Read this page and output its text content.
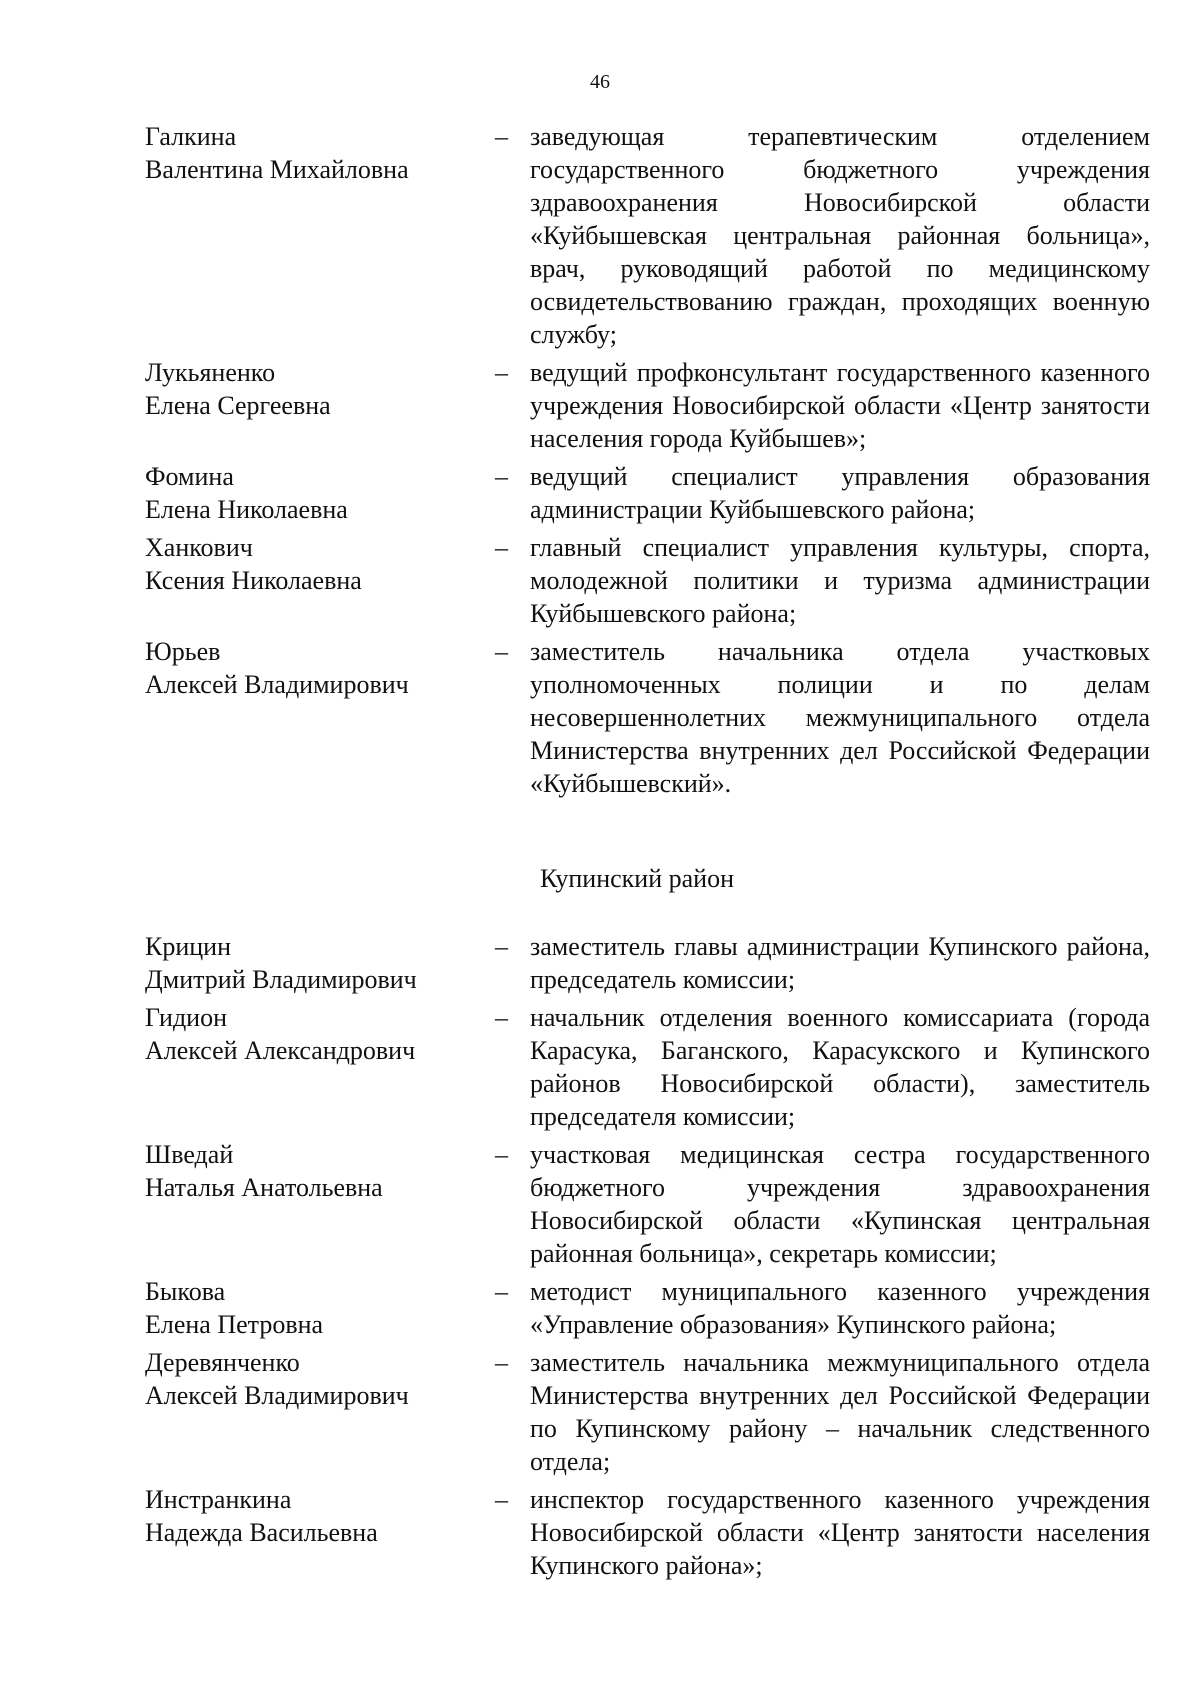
46
Галкина
Валентина Михайловна
– заведующая терапевтическим отделением государственного бюджетного учреждения здравоохранения Новосибирской области «Куйбышевская центральная районная больница», врач, руководящий работой по медицинскому освидетельствованию граждан, проходящих военную службу;
Лукьяненко
Елена Сергеевна
– ведущий профконсультант государственного казенного учреждения Новосибирской области «Центр занятости населения города Куйбышев»;
Фомина
Елена Николаевна
– ведущий специалист управления образования администрации Куйбышевского района;
Ханкович
Ксения Николаевна
– главный специалист управления культуры, спорта, молодежной политики и туризма администрации Куйбышевского района;
Юрьев
Алексей Владимирович
– заместитель начальника отдела участковых уполномоченных полиции и по делам несовершеннолетних межмуниципального отдела Министерства внутренних дел Российской Федерации «Куйбышевский».
Купинский район
Крицин
Дмитрий Владимирович
– заместитель главы администрации Купинского района, председатель комиссии;
Гидион
Алексей Александрович
– начальник отделения военного комиссариата (города Карасука, Баганского, Карасукского и Купинского районов Новосибирской области), заместитель председателя комиссии;
Шведай
Наталья Анатольевна
– участковая медицинская сестра государственного бюджетного учреждения здравоохранения Новосибирской области «Купинская центральная районная больница», секретарь комиссии;
Быкова
Елена Петровна
– методист муниципального казенного учреждения «Управление образования» Купинского района;
Деревянченко
Алексей Владимирович
– заместитель начальника межмуниципального отдела Министерства внутренних дел Российской Федерации по Купинскому району – начальник следственного отдела;
Инстранкина
Надежда Васильевна
– инспектор государственного казенного учреждения Новосибирской области «Центр занятости населения Купинского района»;
